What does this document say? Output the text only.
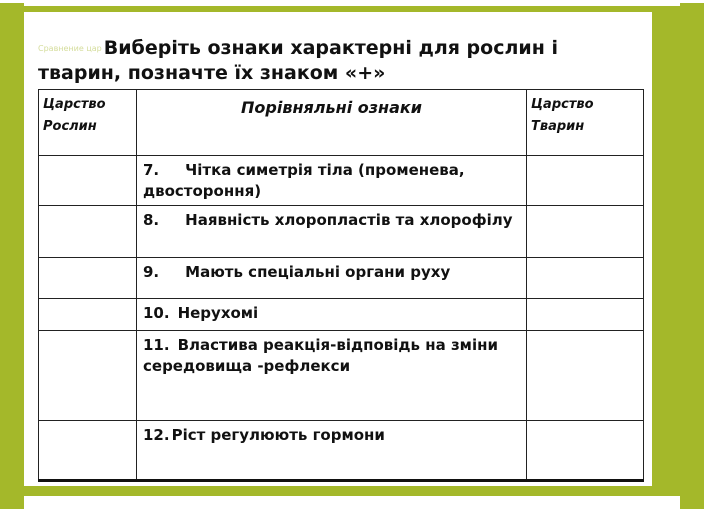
Сравнение цар Виберіть ознаки характерні для рослин і тварин, позначте їх знаком «+»
Царство Рослин	Порівняльні ознаки	Царство Тварин
	7. Чітка симетрія тіла (променева, двостороння)	
	8. Наявність хлоропластів та хлорофілу	
	9. Мають спеціальні органи руху	
	10. Нерухомі	
	11. Властива реакція-відповідь на зміни середовища -рефлекси	
	12. Ріст регулюють гормони	
